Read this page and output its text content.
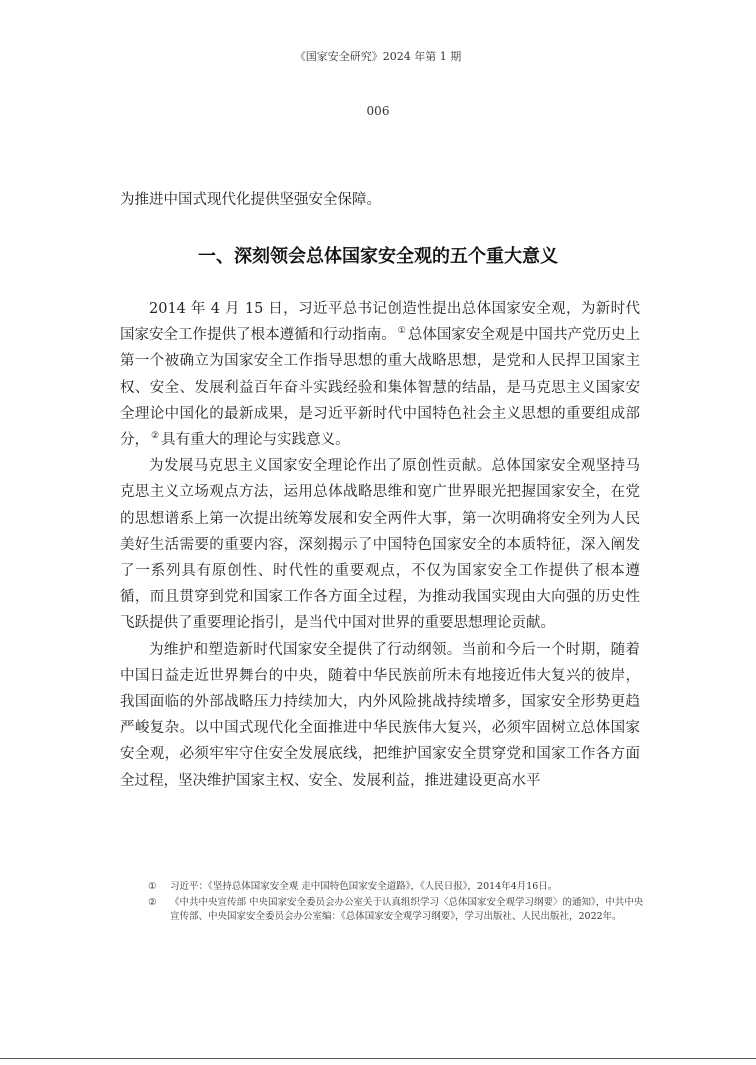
《国家安全研究》2024 年第 1 期
006
为推进中国式现代化提供坚强安全保障。
一、深刻领会总体国家安全观的五个重大意义

2014 年 4 月 15 日，习近平总书记创造性提出总体国家安全观，为新时代国家安全工作提供了根本遵循和行动指南。 ① 总体国家安全观是中国共产党历史上第一个被确立为国家安全工作指导思想的重大战略思想，是党和人民捍卫国家主权、安全、发展利益百年奋斗实践经验和集体智慧的结晶，是马克思主义国家安全理论中国化的最新成果，是习近平新时代中国特色社会主义思想的重要组成部分， ② 具有重大的理论与实践意义。

为发展马克思主义国家安全理论作出了原创性贡献。总体国家安全观坚持马克思主义立场观点方法，运用总体战略思维和宽广世界眼光把握国家安全，在党的思想谱系上第一次提出统筹发展和安全两件大事，第一次明确将安全列为人民美好生活需要的重要内容，深刻揭示了中国特色国家安全的本质特征，深入阐发了一系列具有原创性、时代性的重要观点，不仅为国家安全工作提供了根本遵循，而且贯穿到党和国家工作各方面全过程，为推动我国实现由大向强的历史性飞跃提供了重要理论指引，是当代中国对世界的重要思想理论贡献。

为维护和塑造新时代国家安全提供了行动纲领。当前和今后一个时期，随着中国日益走近世界舞台的中央，随着中华民族前所未有地接近伟大复兴的彼岸，我国面临的外部战略压力持续加大，内外风险挑战持续增多，国家安全形势更趋严峻复杂。以中国式现代化全面推进中华民族伟大复兴，必须牢固树立总体国家安全观，必须牢牢守住安全发展底线，把维护国家安全贯穿党和国家工作各方面全过程，坚决维护国家主权、安全、发展利益，推进建设更高水平

①	习近平：《坚持总体国家安全观 走中国特色国家安全道路》，《人民日报》，2014年4月16日。
②	《中共中央宣传部 中央国家安全委员会办公室关于认真组织学习〈总体国家安全观学习纲要〉的通知》，中共中央宣传部、中央国家安全委员会办公室编：《总体国家安全观学习纲要》，学习出版社、人民出版社，2022年。
